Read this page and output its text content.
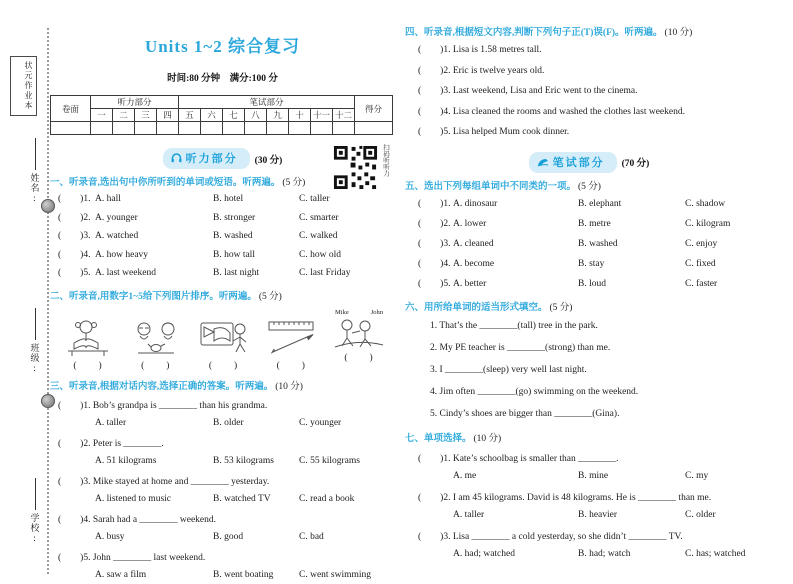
状元作业本
姓名:
班级:
学校:
Units 1~2 综合复习
时间:80 分钟　满分:100 分
卷面	听力部分				笔试部分								得分
	一	二	三	四	五	六	七	八	九	十	十一	十二	

听力部分 (30 分)	扫码听听力
一、听录音,选出句中你所听到的单词或短语。听两遍。 (5 分)
(　　)1. A. hall	B. hotel	C. taller
(　　)2. A. younger	B. stronger	C. smarter
(　　)3. A. watched	B. washed	C. walked
(　　)4. A. how heavy	B. how tall	C. how old
(　　)5. A. last weekend	B. last night	C. last Friday
二、听录音,用数字1~5给下列图片排序。听两遍。 (5 分)
(　　)	(　　)	(　　)	(　　)
Mike	John
(　　)
三、听录音,根据对话内容,选择正确的答案。听两遍。 (10 分)
(　　)1. Bob’s grandpa is ________ than his grandma.
A. taller	B. older	C. younger
(　　)2. Peter is ________.
A. 51 kilograms	B. 53 kilograms	C. 55 kilograms
(　　)3. Mike stayed at home and ________ yesterday.
A. listened to music	B. watched TV	C. read a book
(　　)4. Sarah had a ________ weekend.
A. busy	B. good	C. bad
(　　)5. John ________ last weekend.
A. saw a film	B. went boating	C. went swimming
四、听录音,根据短文内容,判断下列句子正(T)误(F)。听两遍。 (10 分)
(　　)1. Lisa is 1.58 metres tall.
(　　)2. Eric is twelve years old.
(　　)3. Last weekend, Lisa and Eric went to the cinema.
(　　)4. Lisa cleaned the rooms and washed the clothes last weekend.
(　　)5. Lisa helped Mum cook dinner.
笔试部分 (70 分)
五、选出下列每组单词中不同类的一项。 (5 分)
(　　)1. A. dinosaur	B. elephant	C. shadow
(　　)2. A. lower	B. metre	C. kilogram
(　　)3. A. cleaned	B. washed	C. enjoy
(　　)4. A. become	B. stay	C. fixed
(　　)5. A. better	B. loud	C. faster
六、用所给单词的适当形式填空。 (5 分)
1. That’s the ________(tall) tree in the park.
2. My PE teacher is ________(strong) than me.
3. I ________(sleep) very well last night.
4. Jim often ________(go) swimming on the weekend.
5. Cindy’s shoes are bigger than ________(Gina).
七、单项选择。 (10 分)
(　　)1. Kate’s schoolbag is smaller than ________.
A. me	B. mine	C. my
(　　)2. I am 45 kilograms. David is 48 kilograms. He is ________ than me.
A. taller	B. heavier	C. older
(　　)3. Lisa ________ a cold yesterday, so she didn’t ________ TV.
A. had; watched	B. had; watch	C. has; watched
